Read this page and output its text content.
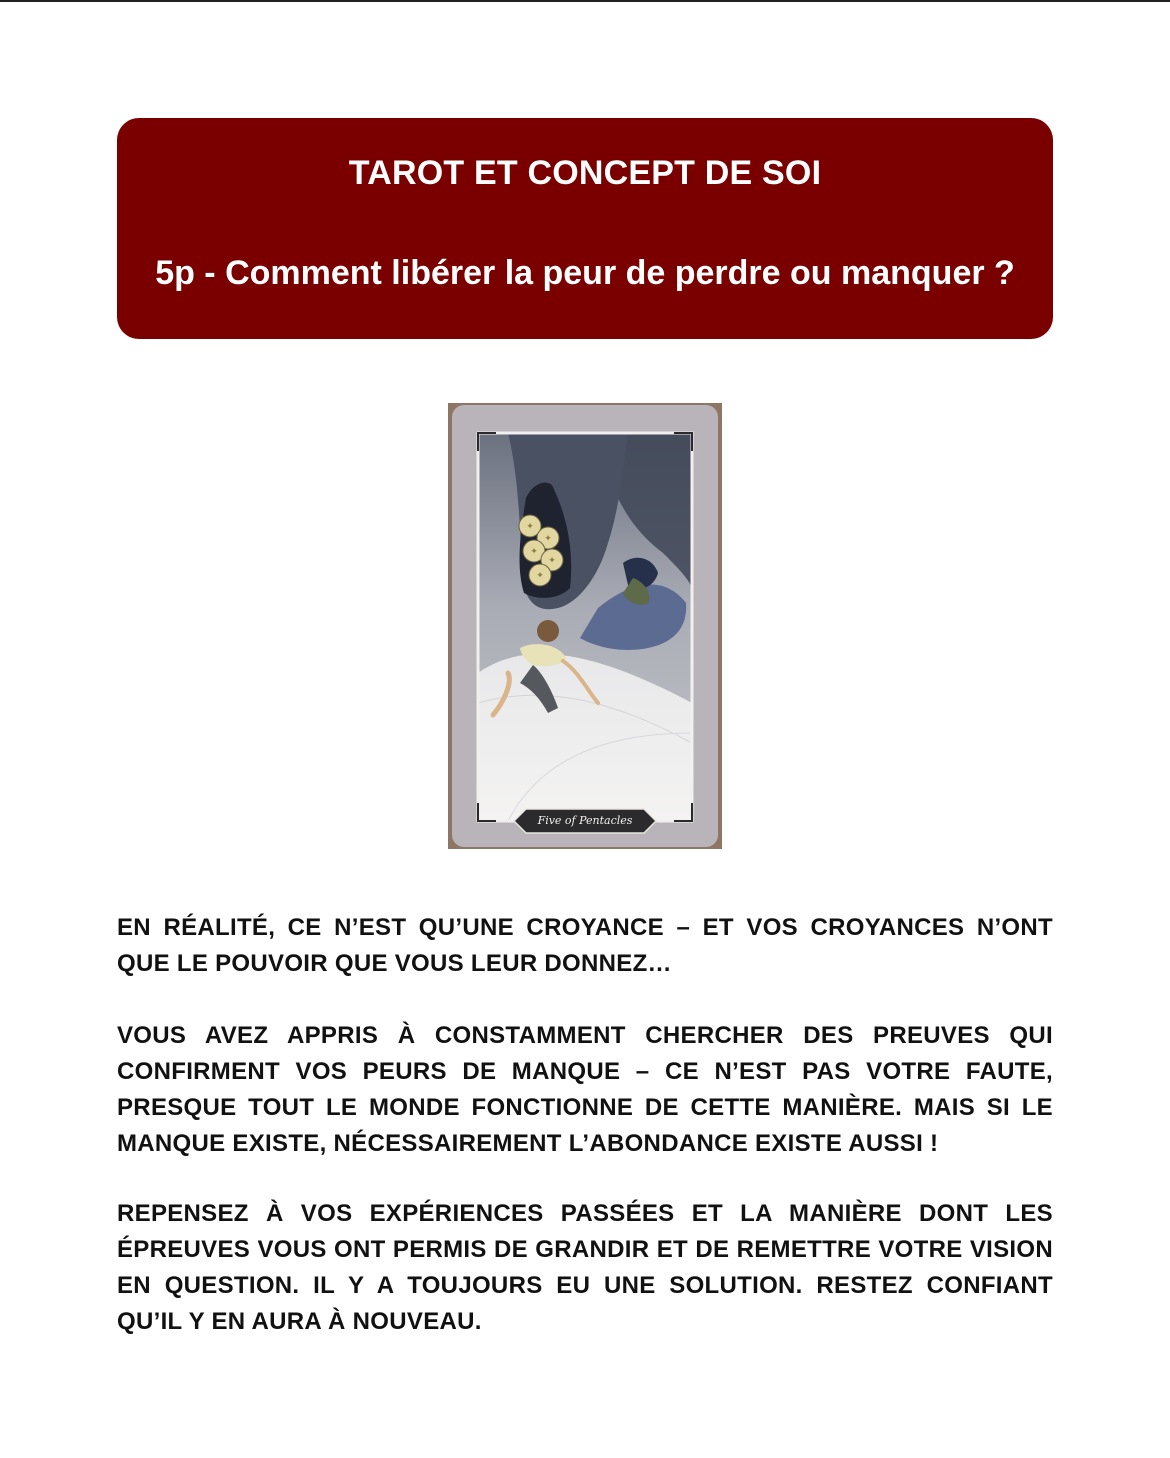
TAROT ET CONCEPT DE SOI
5p - Comment libérer la peur de perdre ou manquer ?
✦
✦
✦
✦
✦
Five of Pentacles
EN RÉALITÉ, CE N’EST QU’UNE CROYANCE – ET VOS CROYANCES N’ONT QUE LE POUVOIR QUE VOUS LEUR DONNEZ…
VOUS AVEZ APPRIS À CONSTAMMENT CHERCHER DES PREUVES QUI CONFIRMENT VOS PEURS DE MANQUE – CE N’EST PAS VOTRE FAUTE, PRESQUE TOUT LE MONDE FONCTIONNE DE CETTE MANIÈRE. MAIS SI LE MANQUE EXISTE, NÉCESSAIREMENT L’ABONDANCE EXISTE AUSSI !
REPENSEZ À VOS EXPÉRIENCES PASSÉES ET LA MANIÈRE DONT LES ÉPREUVES VOUS ONT PERMIS DE GRANDIR ET DE REMETTRE VOTRE VISION EN QUESTION. IL Y A TOUJOURS EU UNE SOLUTION. RESTEZ CONFIANT QU’IL Y EN AURA À NOUVEAU.
